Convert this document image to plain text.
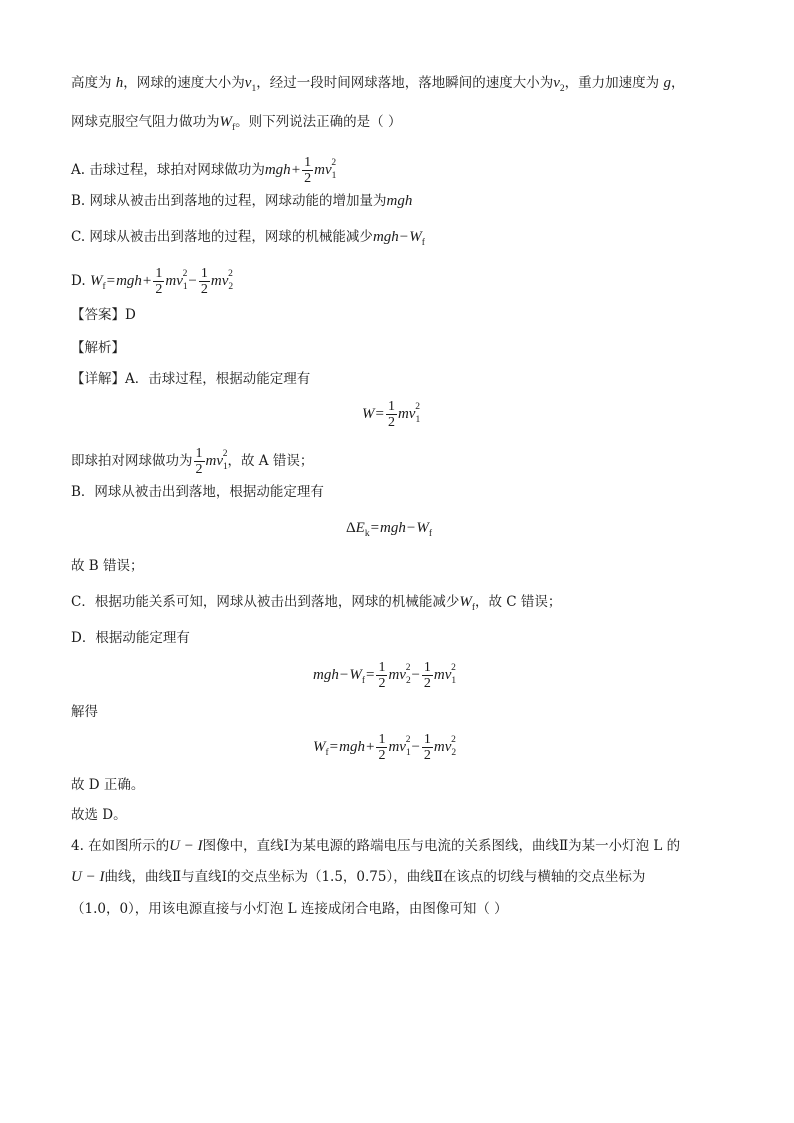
高度为 h，网球的速度大小为$v_1$，经过一段时间网球落地，落地瞬间的速度大小为$v_2$，重力加速度为 g，
网球克服空气阻力做功为$W_f$。则下列说法正确的是（ ）
A. 击球过程，球拍对网球做功为$mgh+ \frac{1}{2} mv_1^2$
B. 网球从被击出到落地的过程，网球动能的增加量为mgh
C. 网球从被击出到落地的过程，网球的机械能减少$mgh-W_f$
D. $W_f=mgh+ \frac{1}{2} mv_1^2- \frac{1}{2} mv_2^2$
【答案】D
【解析】
【详解】A．击球过程，根据动能定理有
$W= \frac{1}{2} mv_1^2$
即球拍对网球做功为 $\frac{1}{2} mv_1^2$，故 A 错误；
B．网球从被击出到落地，根据动能定理有
$\Delta E_k=mgh-W_f$
故 B 错误；
C．根据功能关系可知，网球从被击出到落地，网球的机械能减少$W_f$，故 C 错误；
D．根据动能定理有
$mgh-W_f= \frac{1}{2} mv_2^2- \frac{1}{2} mv_1^2$
解得
$W_f=mgh+ \frac{1}{2} mv_1^2- \frac{1}{2} mv_2^2$
故 D 正确。
故选 D。
4. 在如图所示的U − I图像中，直线Ⅰ为某电源的路端电压与电流的关系图线，曲线Ⅱ为某一小灯泡 L 的
U − I曲线，曲线Ⅱ与直线Ⅰ的交点坐标为（1.5，0.75），曲线Ⅱ在该点的切线与横轴的交点坐标为
（1.0，0），用该电源直接与小灯泡 L 连接成闭合电路，由图像可知（ ）
